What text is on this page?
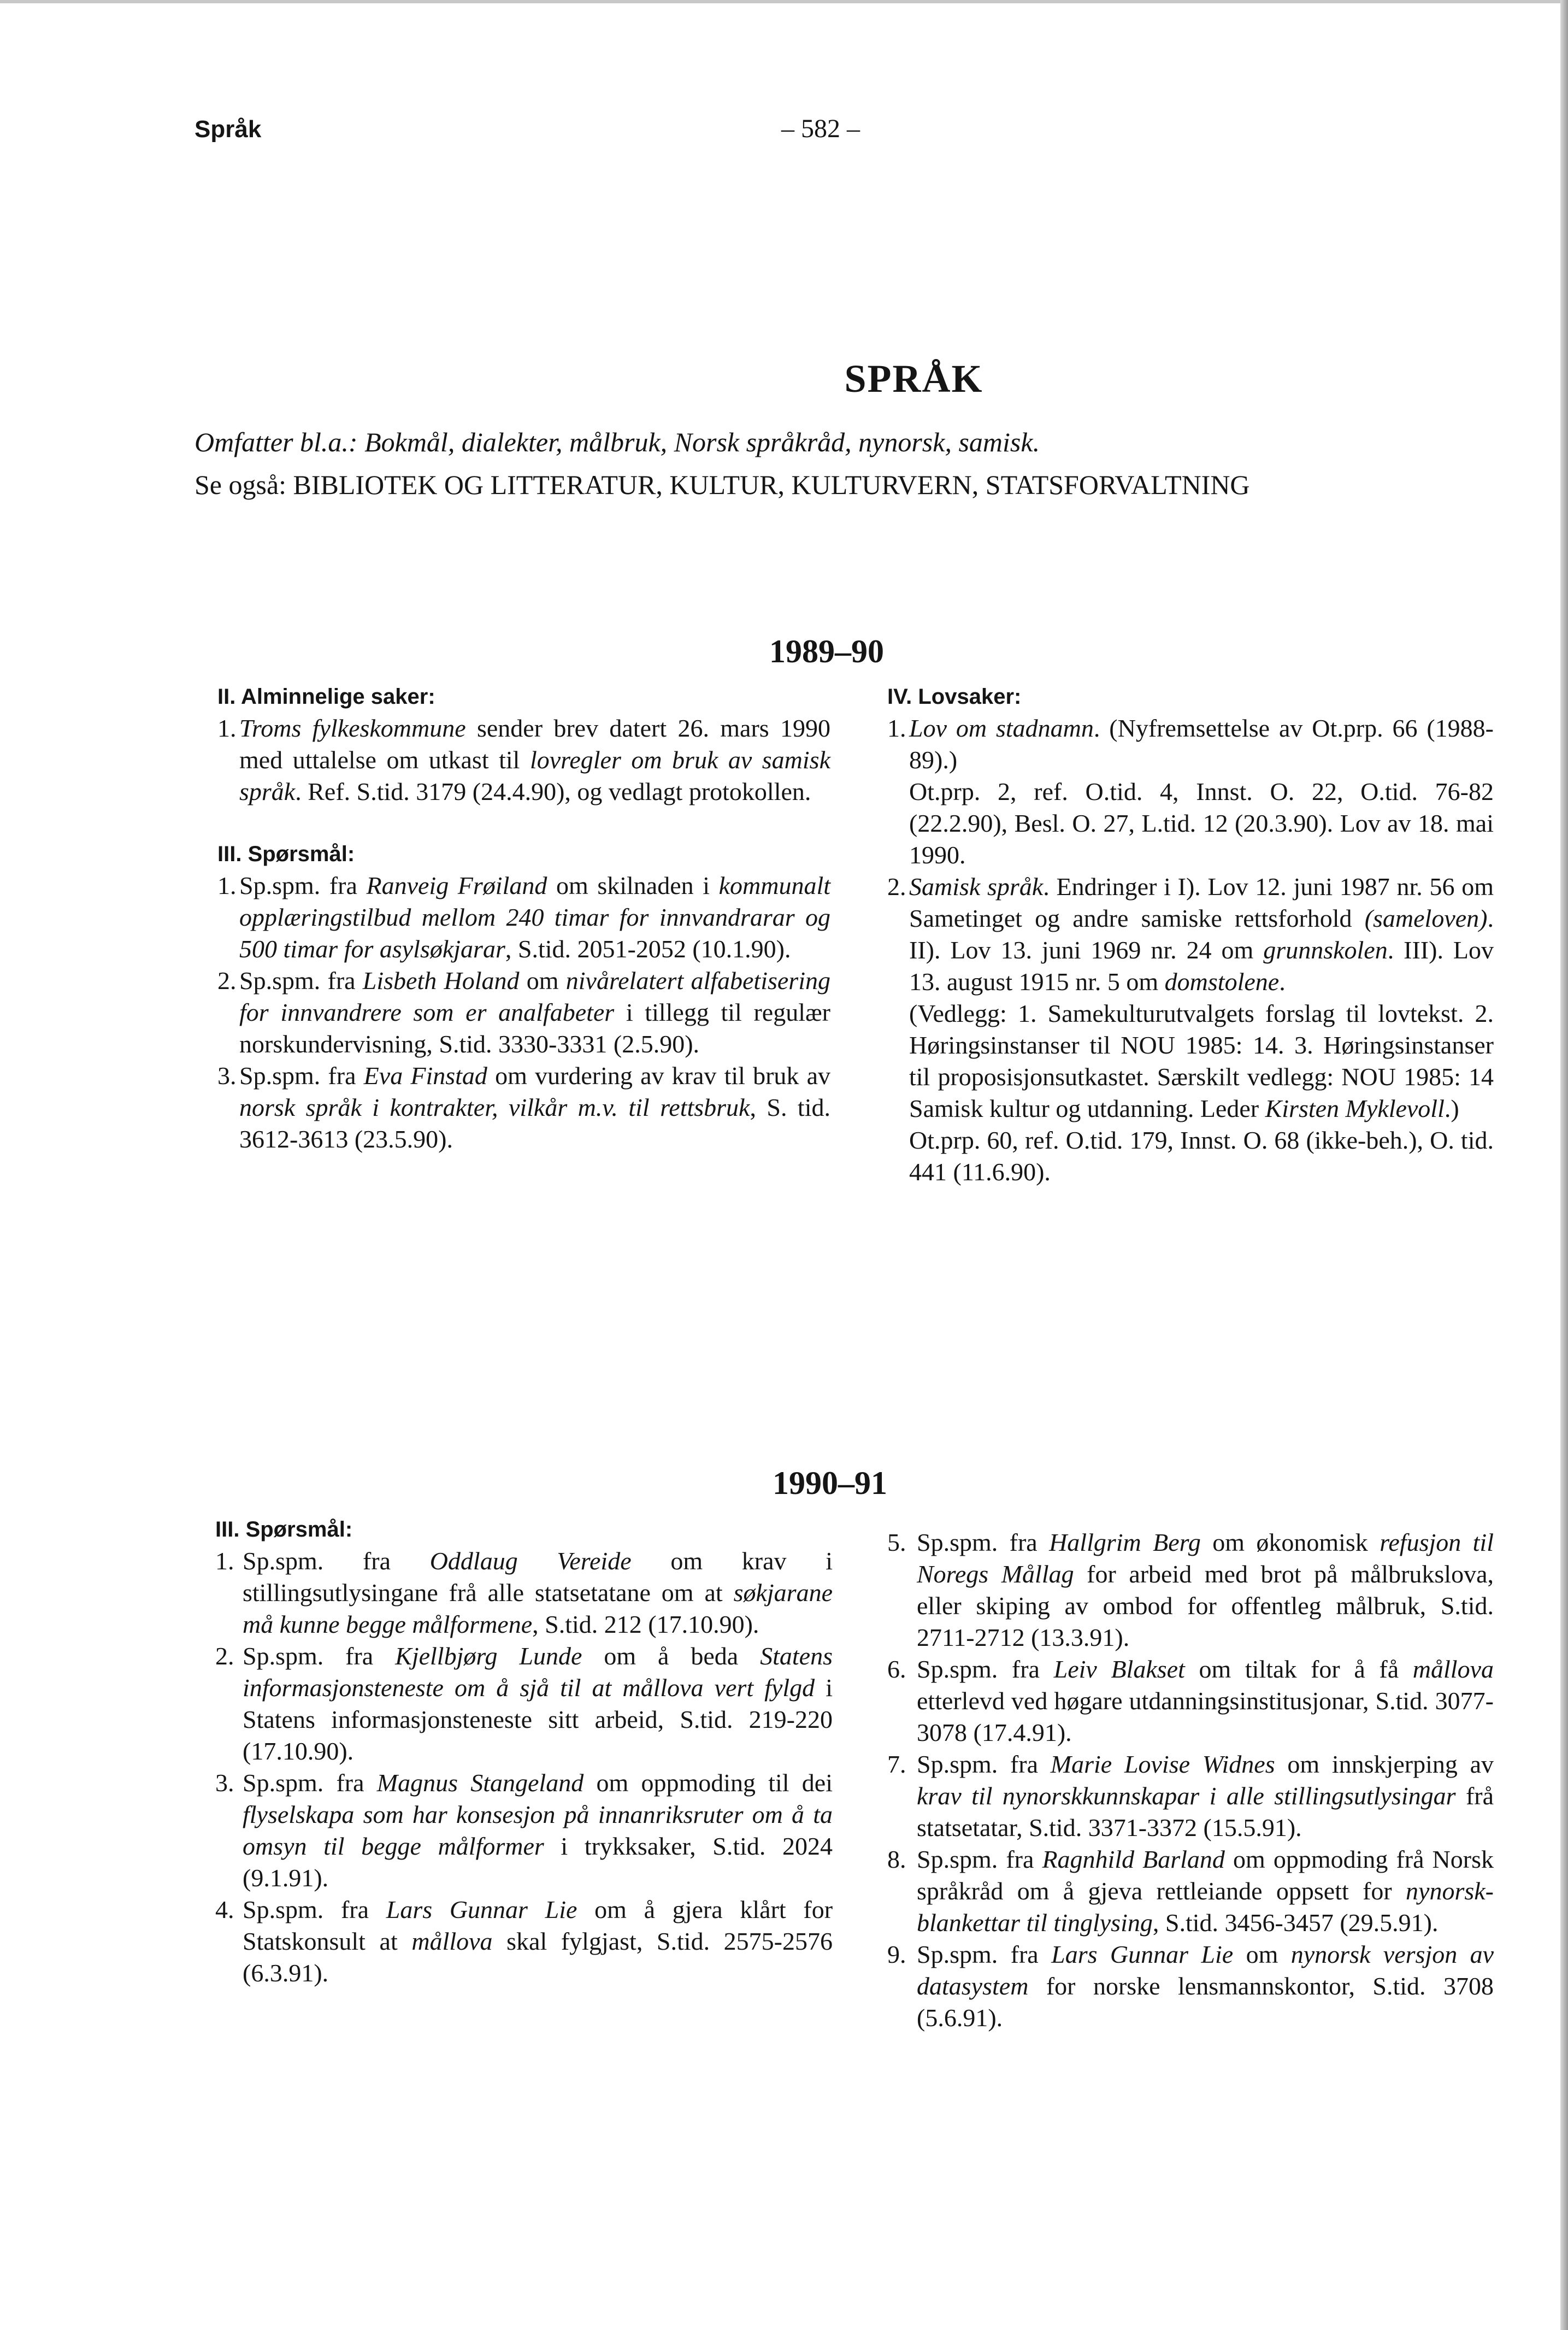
Språk	– 582 –
SPRÅK
Omfatter bl.a.: Bokmål, dialekter, målbruk, Norsk språkråd, nynorsk, samisk.
Se også: BIBLIOTEK OG LITTERATUR, KULTUR, KULTURVERN, STATSFORVALTNING
1989–90

II. Alminnelige saker:

1. Troms fylkeskommune sender brev datert 26. mars 1990 med uttalelse om utkast til lovregler om bruk av samisk språk. Ref. S.tid. 3179 (24.4.90), og vedlagt protokollen.

III. Spørsmål:

1. Sp.spm. fra Ranveig Frøiland om skilnaden i kommunalt opplæringstilbud mellom 240 timar for innvandrarar og 500 timar for asylsøkjarar, S.tid. 2051-2052 (10.1.90).
2. Sp.spm. fra Lisbeth Holand om nivårelatert alfabetisering for innvandrere som er analfabeter i tillegg til regulær norskundervisning, S.tid. 3330-3331 (2.5.90).
3. Sp.spm. fra Eva Finstad om vurdering av krav til bruk av norsk språk i kontrakter, vilkår m.v. til rettsbruk, S. tid. 3612-3613 (23.5.90).

IV. Lovsaker:

1. Lov om stadnamn. (Nyfremsettelse av Ot.prp. 66 (1988-89).)
Ot.prp. 2, ref. O.tid. 4, Innst. O. 22, O.tid. 76-82 (22.2.90), Besl. O. 27, L.tid. 12 (20.3.90). Lov av 18. mai 1990.
2. Samisk språk. Endringer i I). Lov 12. juni 1987 nr. 56 om Sametinget og andre samiske rettsforhold (sameloven). II). Lov 13. juni 1969 nr. 24 om grunnskolen. III). Lov 13. august 1915 nr. 5 om domstolene.
(Vedlegg: 1. Samekulturutvalgets forslag til lovtekst. 2. Høringsinstanser til NOU 1985: 14. 3. Høringsinstanser til proposisjonsutkastet. Særskilt vedlegg: NOU 1985: 14 Samisk kultur og utdanning. Leder Kirsten Myklevoll.)
Ot.prp. 60, ref. O.tid. 179, Innst. O. 68 (ikke-beh.), O. tid. 441 (11.6.90).
1990–91

III. Spørsmål:

1. Sp.spm. fra Oddlaug Vereide om krav i stillingsutlysingane frå alle statsetatane om at søkjarane må kunne begge målformene, S.tid. 212 (17.10.90).
2. Sp.spm. fra Kjellbjørg Lunde om å beda Statens informasjonsteneste om å sjå til at mållova vert fylgd i Statens informasjonsteneste sitt arbeid, S.tid. 219-220 (17.10.90).
3. Sp.spm. fra Magnus Stangeland om oppmoding til dei flyselskapa som har konsesjon på innanriksruter om å ta omsyn til begge målformer i trykksaker, S.tid. 2024 (9.1.91).
4. Sp.spm. fra Lars Gunnar Lie om å gjera klårt for Statskonsult at mållova skal fylgjast, S.tid. 2575-2576 (6.3.91).
5. Sp.spm. fra Hallgrim Berg om økonomisk refusjon til Noregs Mållag for arbeid med brot på målbrukslova, eller skiping av ombod for offentleg målbruk, S.tid. 2711-2712 (13.3.91).
6. Sp.spm. fra Leiv Blakset om tiltak for å få mållova etterlevd ved høgare utdanningsinstitusjonar, S.tid. 3077-3078 (17.4.91).
7. Sp.spm. fra Marie Lovise Widnes om innskjerping av krav til nynorskkunnskapar i alle stillingsutlysingar frå statsetatar, S.tid. 3371-3372 (15.5.91).
8. Sp.spm. fra Ragnhild Barland om oppmoding frå Norsk språkråd om å gjeva rettleiande oppsett for nynorsk-blankettar til tinglysing, S.tid. 3456-3457 (29.5.91).
9. Sp.spm. fra Lars Gunnar Lie om nynorsk versjon av datasystem for norske lensmannskontor, S.tid. 3708 (5.6.91).
